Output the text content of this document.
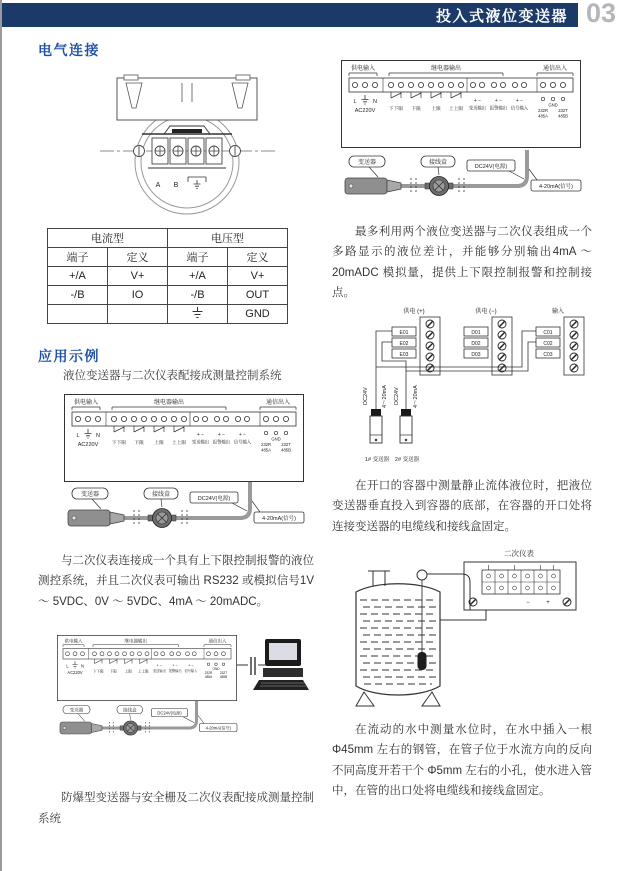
投入式液位变送器 03
电气连接
A B
电流型		电压型	
端子	定义	端子	定义
+/A	V+	+/A	V+
-/B	IO	-/B	OUT
			GND
应用示例
液位变送器与二次仪表配接成测量控制系统

与二次仪表连接成一个具有上下限控制报警的液位测控系统，并且二次仪表可输出 RS232 或模拟信号1V ～ 5VDC、0V ～ 5VDC、4mA ～ 20mADC。

防爆型变送器与安全栅及二次仪表配接成测量控制系统

最多利用两个液位变送器与二次仪表组成一个多路显示的液位差计，并能够分别输出4mA ～ 20mADC 模拟量，提供上下限控制报警和控制接点。

供电 (+)	供电 (−)	输入
E01
E02
E03
D01
D02
D03
C01
C02
C03
DC24V 4～20mA DC24V 4～20mA
1# 变送器 2# 变送器

在开口的容器中测量静止流体液位时，把液位变送器垂直投入到容器的底部，在容器的开口处将连接变送器的电缆线和接线盒固定。

二次仪表
−	+

在流动的水中测量水位时，在水中插入一根Φ45mm 左右的钢管，在管子位于水流方向的反向不同高度开若干个 Φ5mm 左右的小孔，使水进入管中，在管的出口处将电缆线和接线盒固定。
